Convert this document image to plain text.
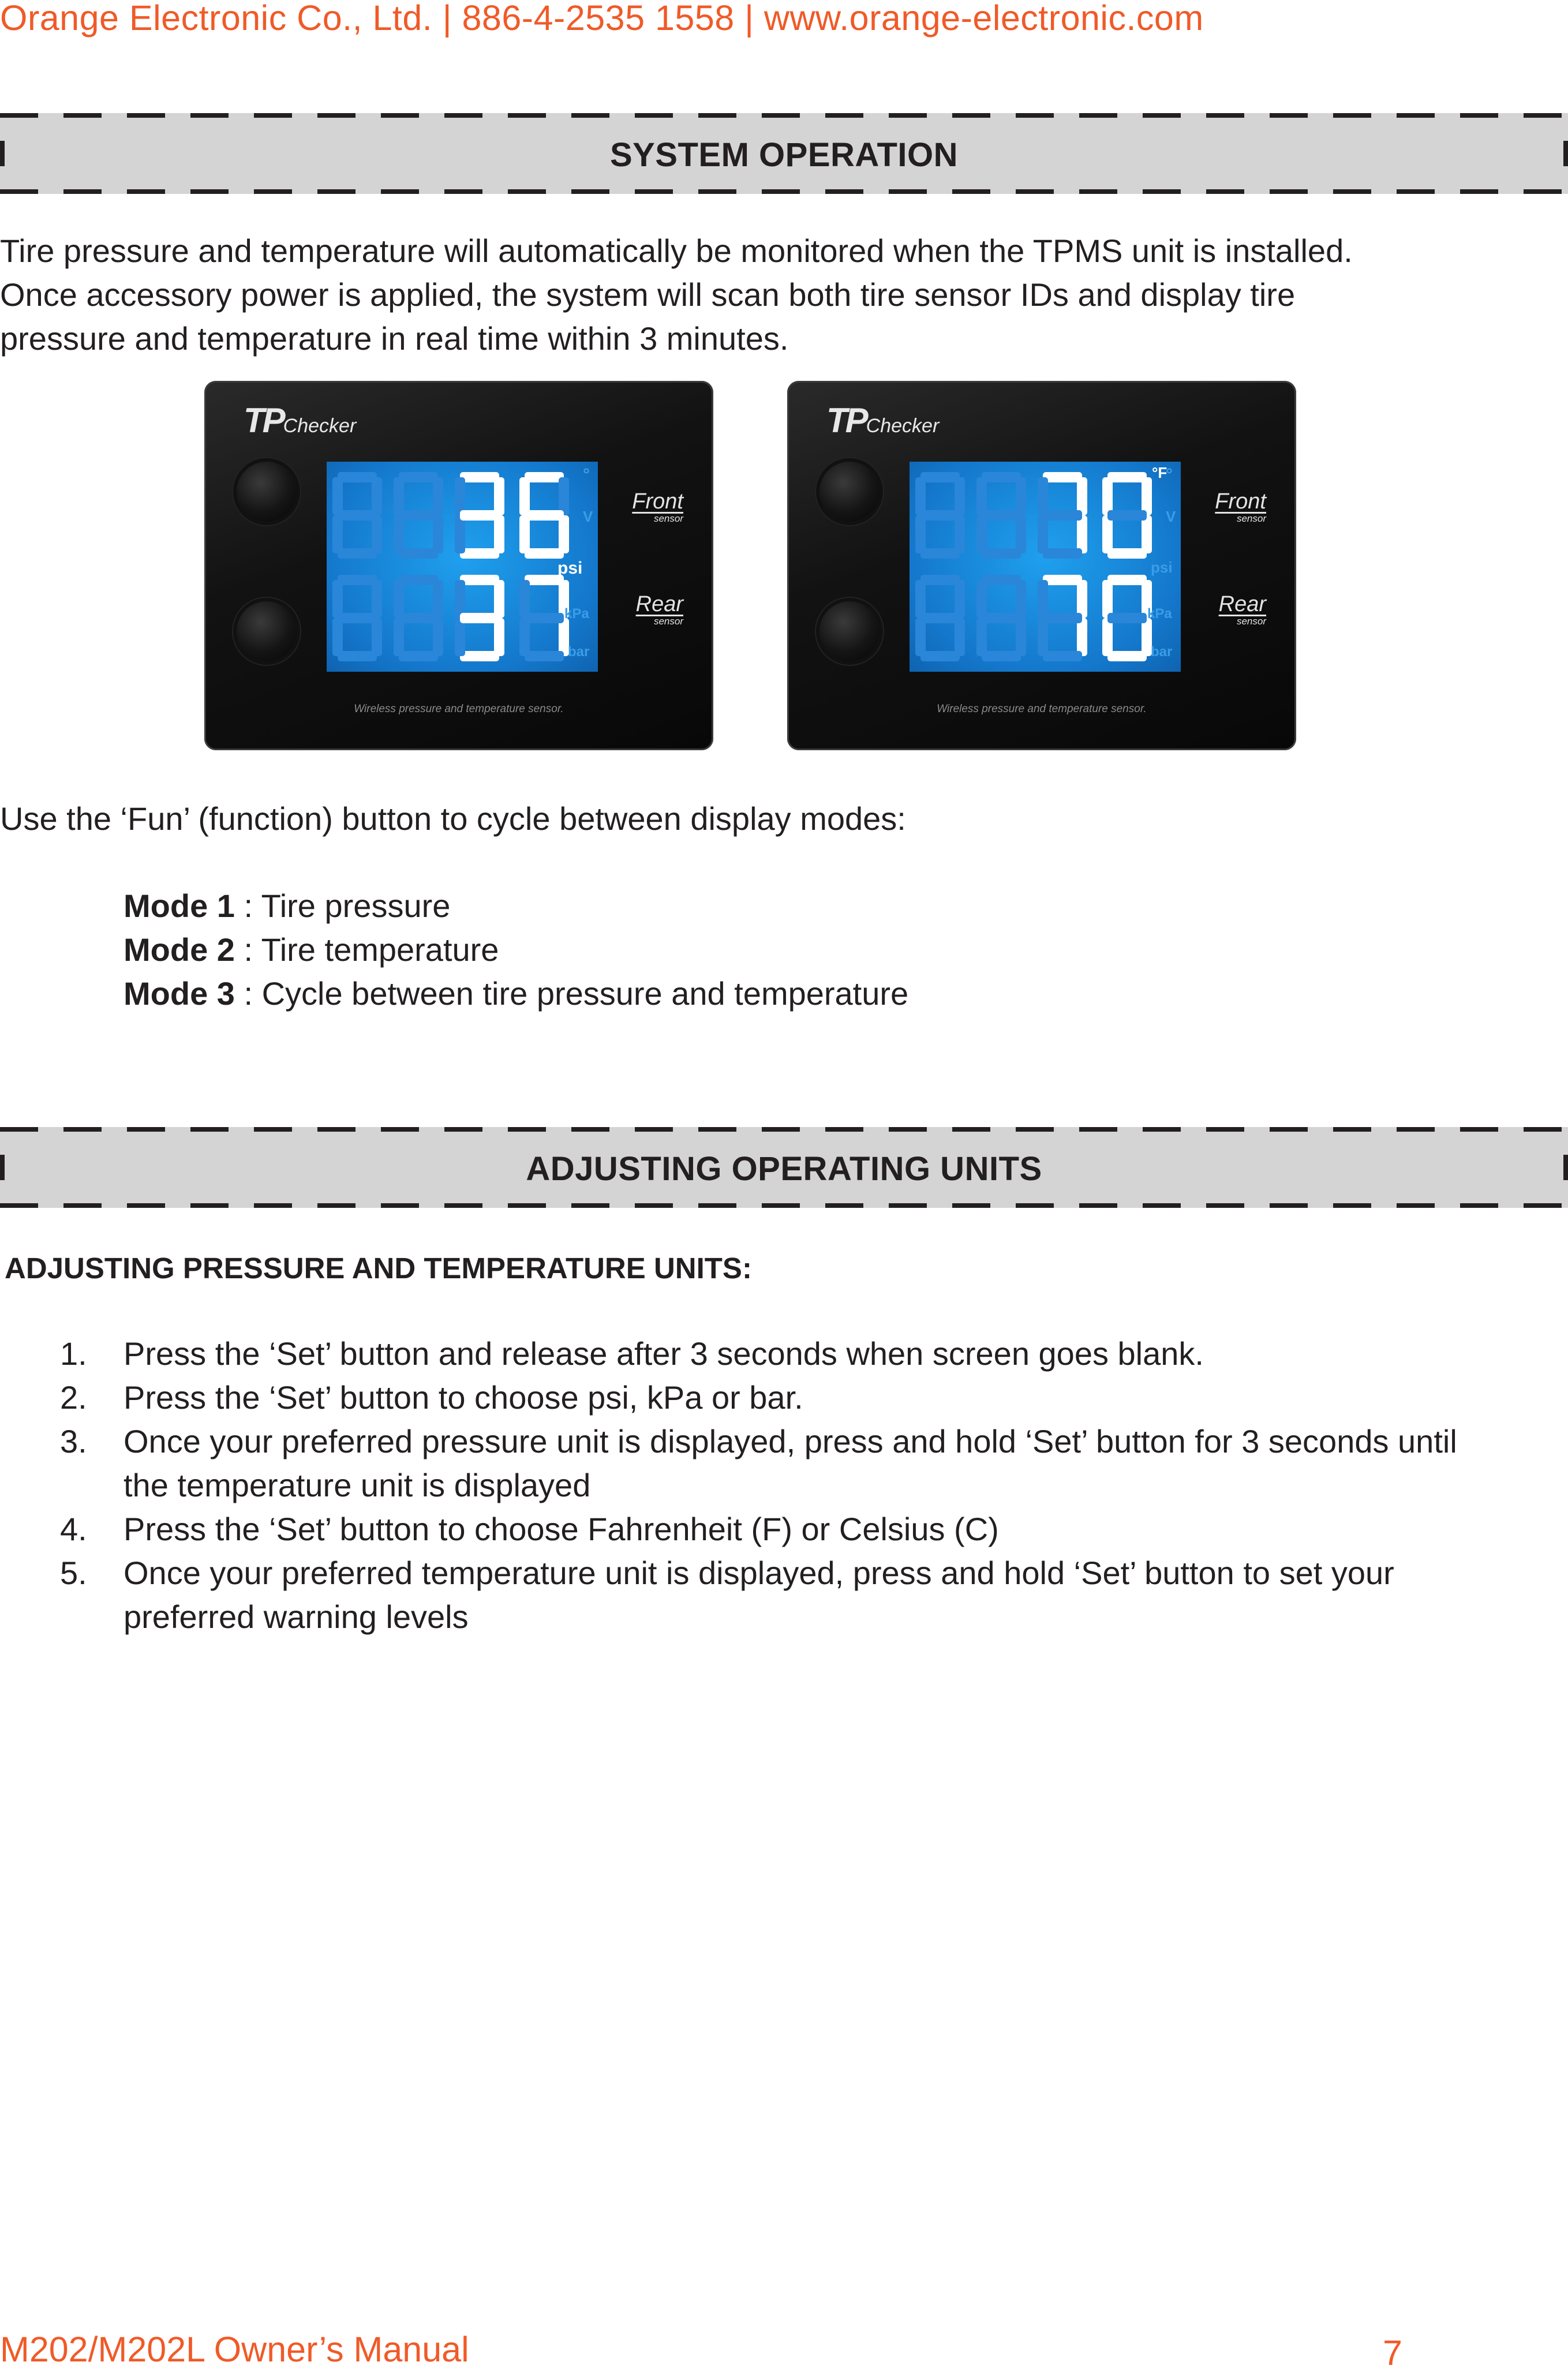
Orange Electronic Co., Ltd. | 886-4-2535 1558 | www.orange-electronic.com
SYSTEM OPERATION
Tire pressure and temperature will automatically be monitored when the TPMS unit is installed.
Once accessory power is applied, the system will scan both tire sensor IDs and display tire
pressure and temperature in real time within 3 minutes.
TPChecker
°
V
kPa
bar
psi
Front
sensor
Rear
sensor
Wireless pressure and temperature sensor.
TPChecker
°
V
kPa
bar
psi
°F
Front
sensor
Rear
sensor
Wireless pressure and temperature sensor.
Use the ‘Fun’ (function) button to cycle between display modes:
Mode 1 : Tire pressure
Mode 2 : Tire temperature
Mode 3 : Cycle between tire pressure and temperature
ADJUSTING OPERATING UNITS
ADJUSTING PRESSURE AND TEMPERATURE UNITS:
1. Press the ‘Set’ button and release after 3 seconds when screen goes blank.
2. Press the ‘Set’ button to choose psi, kPa or bar.
3. Once your preferred pressure unit is displayed, press and hold ‘Set’ button for 3 seconds until
the temperature unit is displayed
4. Press the ‘Set’ button to choose Fahrenheit (F) or Celsius (C)
5. Once your preferred temperature unit is displayed, press and hold ‘Set’ button to set your
preferred warning levels
M202/M202L Owner’s Manual	7
